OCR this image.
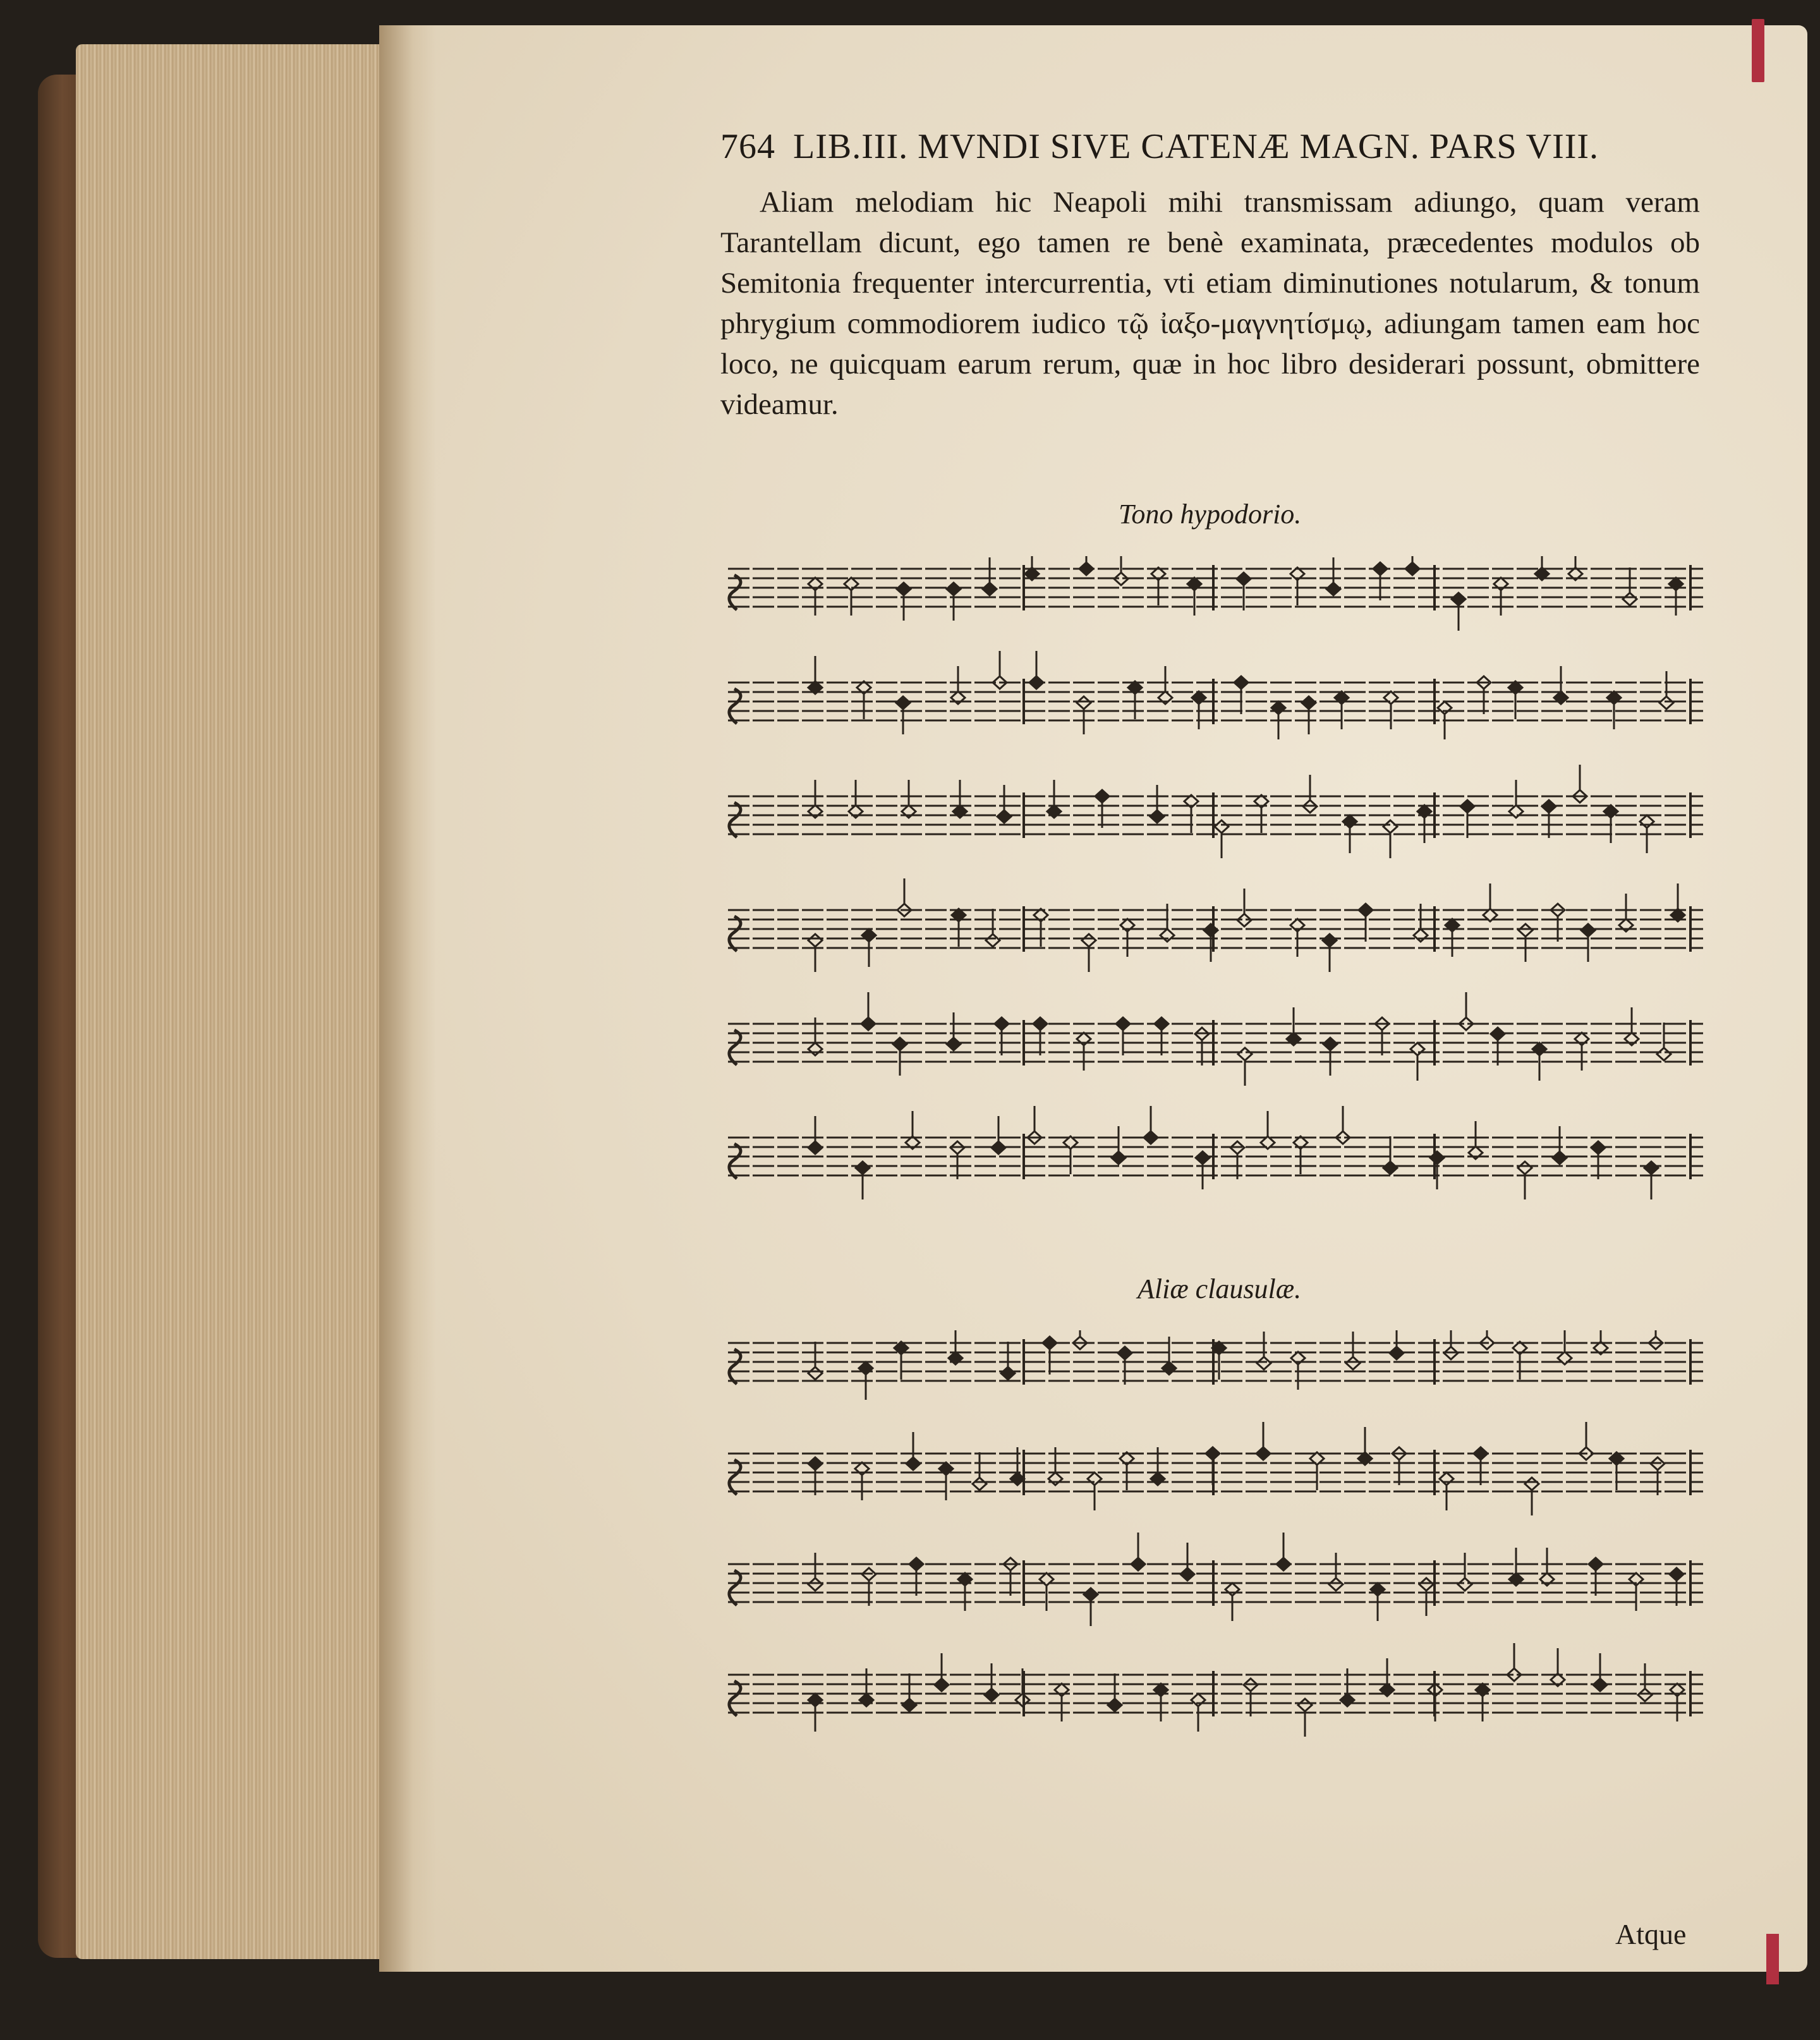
764 LIB.III. MVNDI SIVE CATENÆ MAGN. PARS VIII.
Aliam melodiam hic Neapoli mihi transmissam adiungo, quam veram Tarantellam dicunt, ego tamen re benè examinata, præcedentes modulos ob Semitonia frequenter intercurrentia, vti etiam diminutiones notularum, & tonum phrygium commodiorem iudico τῷ ἰαξο-μαγνητίσμῳ, adiungam tamen eam hoc loco, ne quicquam earum rerum, quæ in hoc libro desiderari possunt, obmittere videamur.
Tono hypodorio.
Aliæ clausulæ.
Atque
